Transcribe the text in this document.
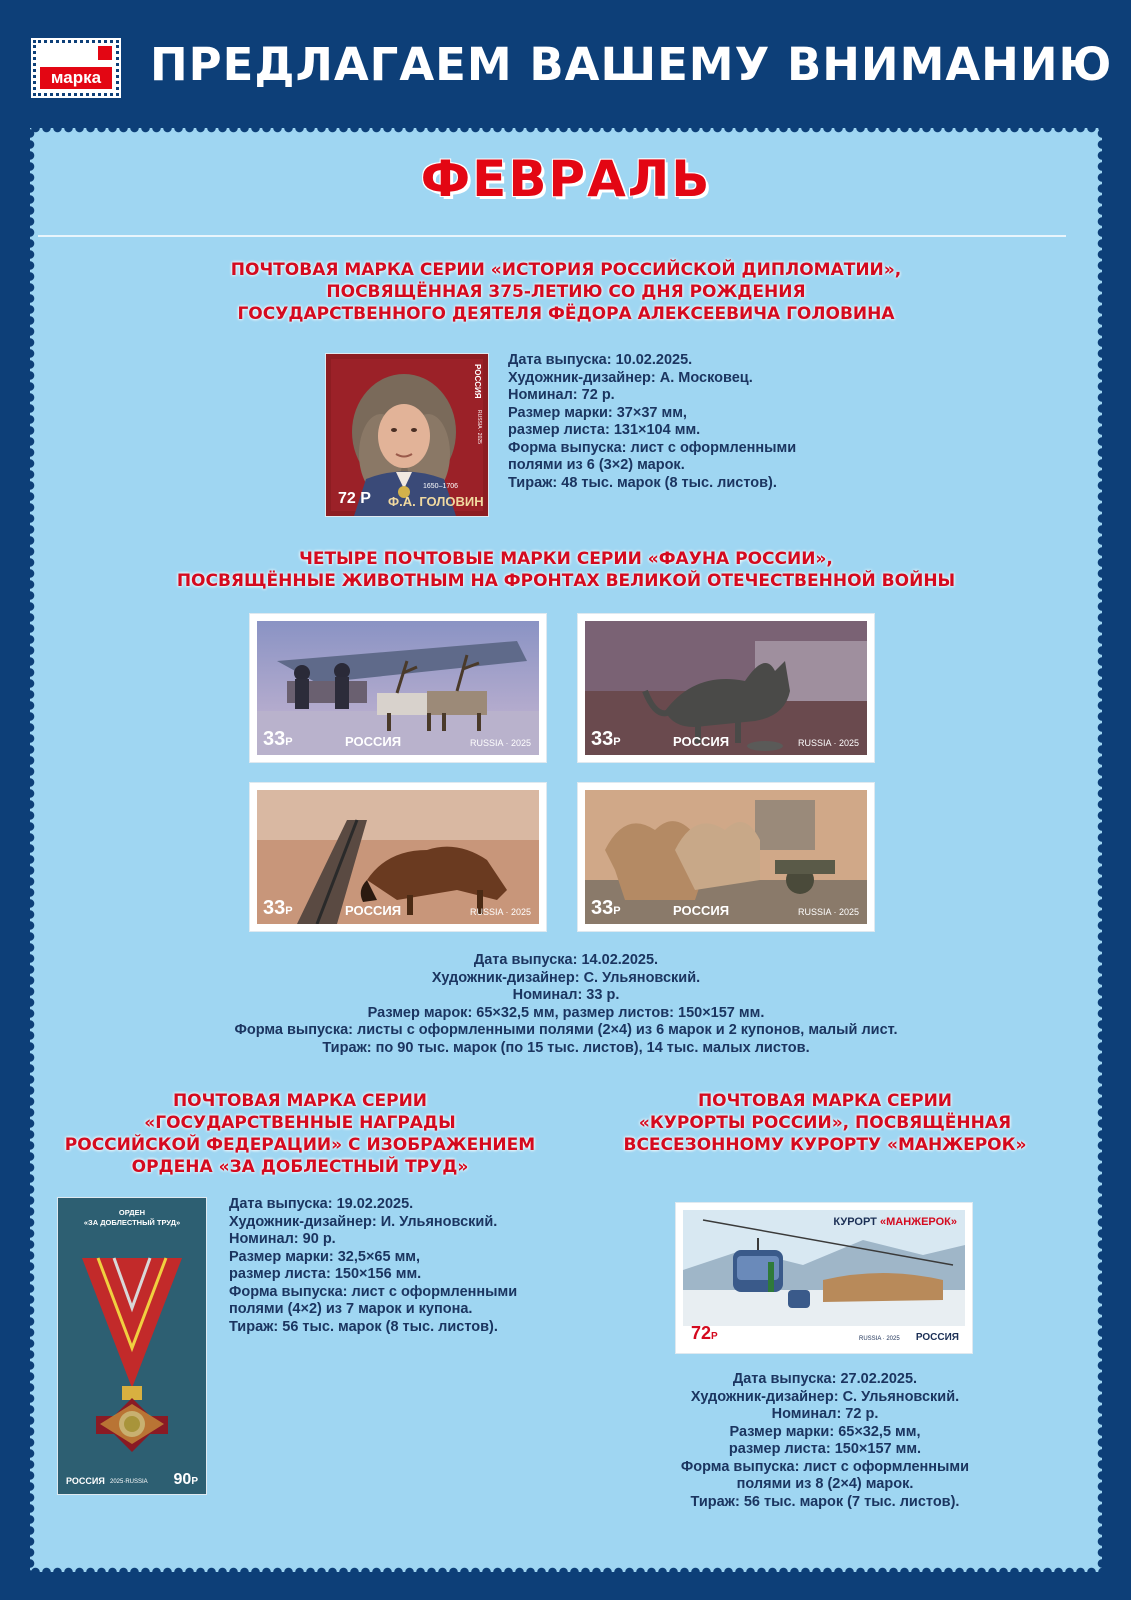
марка ПРЕДЛАГАЕМ ВАШЕМУ ВНИМАНИЮ
ФЕВРАЛЬ
ПОЧТОВАЯ МАРКА СЕРИИ «ИСТОРИЯ РОССИЙСКОЙ ДИПЛОМАТИИ»,
ПОСВЯЩЁННАЯ 375-ЛЕТИЮ СО ДНЯ РОЖДЕНИЯ
ГОСУДАРСТВЕННОГО ДЕЯТЕЛЯ ФЁДОРА АЛЕКСЕЕВИЧА ГОЛОВИНА
72 Р
1650–1706
Ф.А. ГОЛОВИН
РОССИЯ
RUSSIA · 2025
Дата выпуска: 10.02.2025.
Художник-дизайнер: А. Московец.
Номинал: 72 р.
Размер марки: 37×37 мм,
размер листа: 131×104 мм.
Форма выпуска: лист с оформленными
полями из 6 (3×2) марок.
Тираж: 48 тыс. марок (8 тыс. листов).
ЧЕТЫРЕ ПОЧТОВЫЕ МАРКИ СЕРИИ «ФАУНА РОССИИ»,
ПОСВЯЩЁННЫЕ ЖИВОТНЫМ НА ФРОНТАХ ВЕЛИКОЙ ОТЕЧЕСТВЕННОЙ ВОЙНЫ
33Р	РОССИЯ	RUSSIA · 2025	33Р	РОССИЯ	RUSSIA · 2025
33Р	РОССИЯ	RUSSIA · 2025	33Р	РОССИЯ	RUSSIA · 2025
Дата выпуска: 14.02.2025.
Художник-дизайнер: С. Ульяновский.
Номинал: 33 р.
Размер марок: 65×32,5 мм, размер листов: 150×157 мм.
Форма выпуска: листы с оформленными полями (2×4) из 6 марок и 2 купонов, малый лист.
Тираж: по 90 тыс. марок (по 15 тыс. листов), 14 тыс. малых листов.
ПОЧТОВАЯ МАРКА СЕРИИ
«ГОСУДАРСТВЕННЫЕ НАГРАДЫ
РОССИЙСКОЙ ФЕДЕРАЦИИ» С ИЗОБРАЖЕНИЕМ
ОРДЕНА «ЗА ДОБЛЕСТНЫЙ ТРУД»
ОРДЕН
«ЗА ДОБЛЕСТНЫЙ ТРУД»
РОССИЯ 2025·RUSSIA 90Р
Дата выпуска: 19.02.2025.
Художник-дизайнер: И. Ульяновский.
Номинал: 90 р.
Размер марки: 32,5×65 мм,
размер листа: 150×156 мм.
Форма выпуска: лист с оформленными
полями (4×2) из 7 марок и купона.
Тираж: 56 тыс. марок (8 тыс. листов).
ПОЧТОВАЯ МАРКА СЕРИИ
«КУРОРТЫ РОССИИ», ПОСВЯЩЁННАЯ
ВСЕСЕЗОННОМУ КУРОРТУ «МАНЖЕРОК»
КУРОРТ «МАНЖЕРОК»
72Р	RUSSIA · 2025 РОССИЯ
Дата выпуска: 27.02.2025.
Художник-дизайнер: С. Ульяновский.
Номинал: 72 р.
Размер марки: 65×32,5 мм,
размер листа: 150×157 мм.
Форма выпуска: лист с оформленными
полями из 8 (2×4) марок.
Тираж: 56 тыс. марок (7 тыс. листов).
